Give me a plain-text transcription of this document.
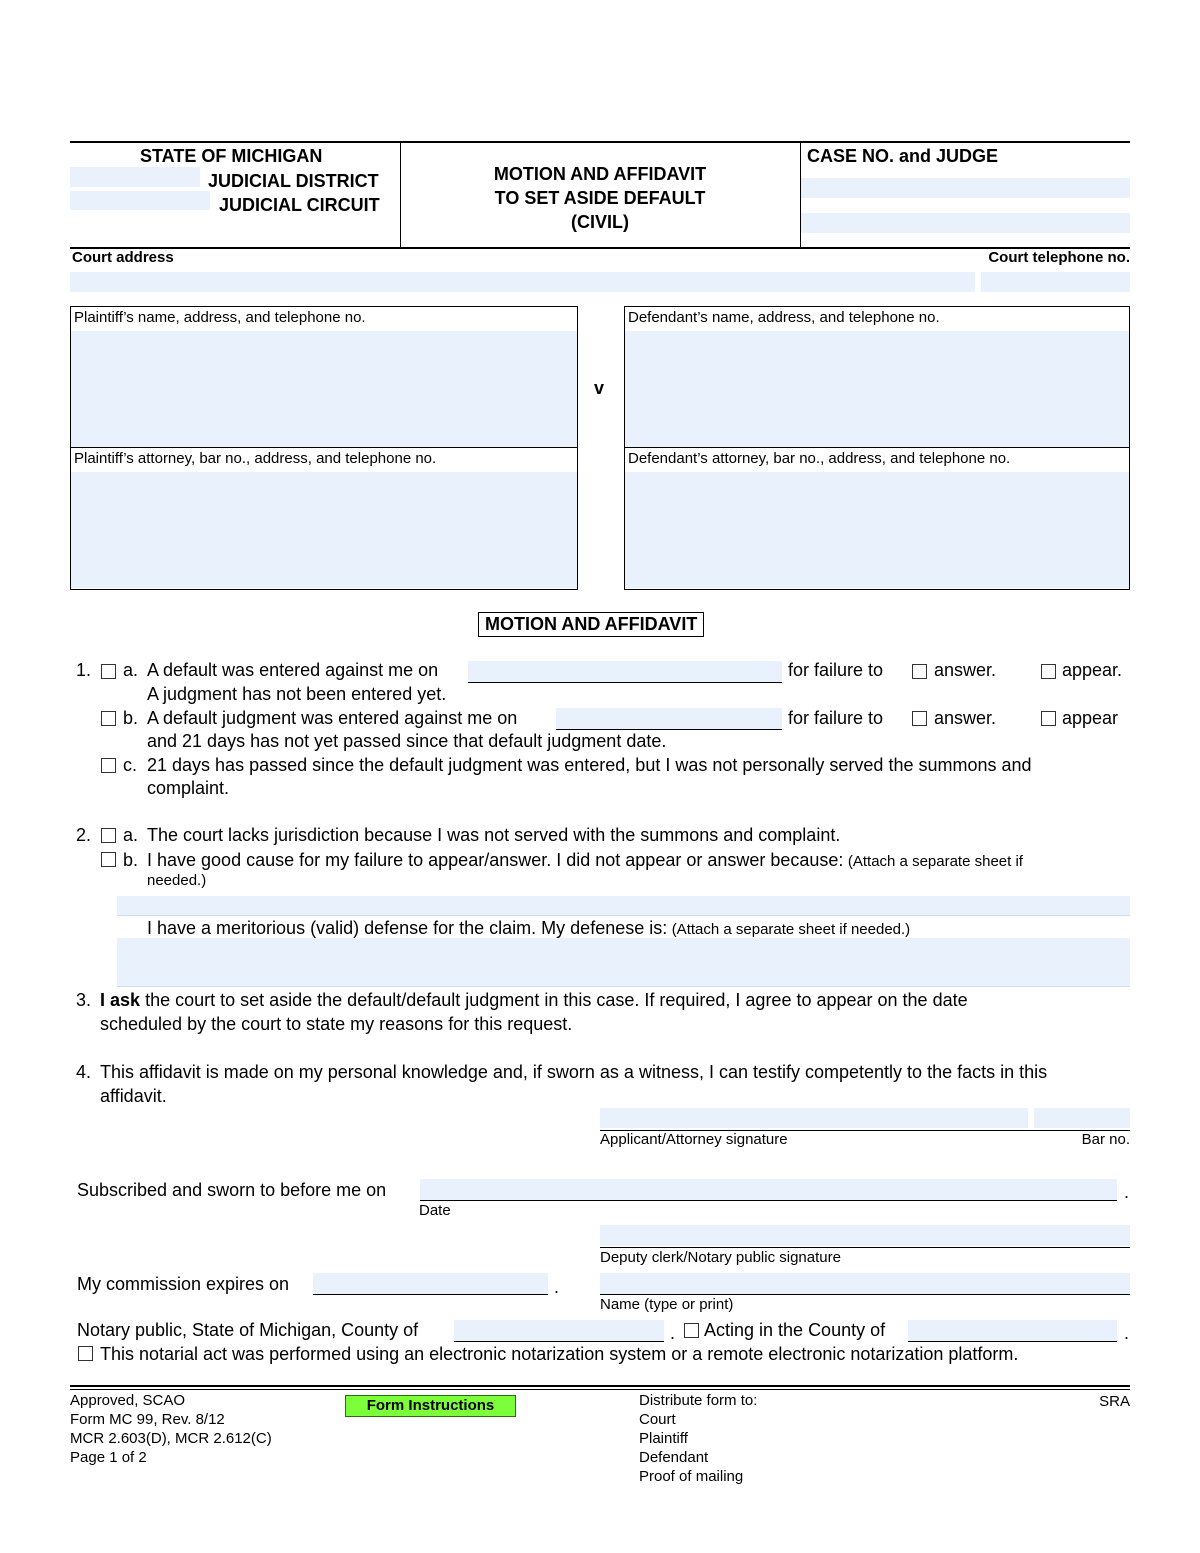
STATE OF MICHIGAN
JUDICIAL DISTRICT
JUDICIAL CIRCUIT
MOTION AND AFFIDAVIT
TO SET ASIDE DEFAULT
(CIVIL)
CASE NO. and JUDGE
Court address	Court telephone no.
Plaintiff’s name, address, and telephone no.
Plaintiff’s attorney, bar no., address, and telephone no.
v
Defendant’s name, address, and telephone no.
Defendant’s attorney, bar no., address, and telephone no.
MOTION AND AFFIDAVIT
1. a. A default was entered against me on	for failure to	answer.	appear.
A judgment has not been entered yet.
b. A default judgment was entered against me on	for failure to	answer.	appear
and 21 days has not yet passed since that default judgment date.
c. 21 days has passed since the default judgment was entered, but I was not personally served the summons and
complaint.
2. a. The court lacks jurisdiction because I was not served with the summons and complaint.
b. I have good cause for my failure to appear/answer. I did not appear or answer because: (Attach a separate sheet if
needed.)
I have a meritorious (valid) defense for the claim. My defenese is: (Attach a separate sheet if needed.)
3. I ask the court to set aside the default/default judgment in this case. If required, I agree to appear on the date
scheduled by the court to state my reasons for this request.
4. This affidavit is made on my personal knowledge and, if sworn as a witness, I can testify competently to the facts in this
affidavit.
Applicant/Attorney signature	Bar no.
Subscribed and sworn to before me on	.
Date
Deputy clerk/Notary public signature
My commission expires on	.
Name (type or print)
Notary public, State of Michigan, County of	. Acting in the County of	.
This notarial act was performed using an electronic notarization system or a remote electronic notarization platform.
Approved, SCAO
Form MC 99, Rev. 8/12
MCR 2.603(D), MCR 2.612(C)
Page 1 of 2
Form Instructions	Distribute form to:
Court
Plaintiff
Defendant
Proof of mailing
SRA
